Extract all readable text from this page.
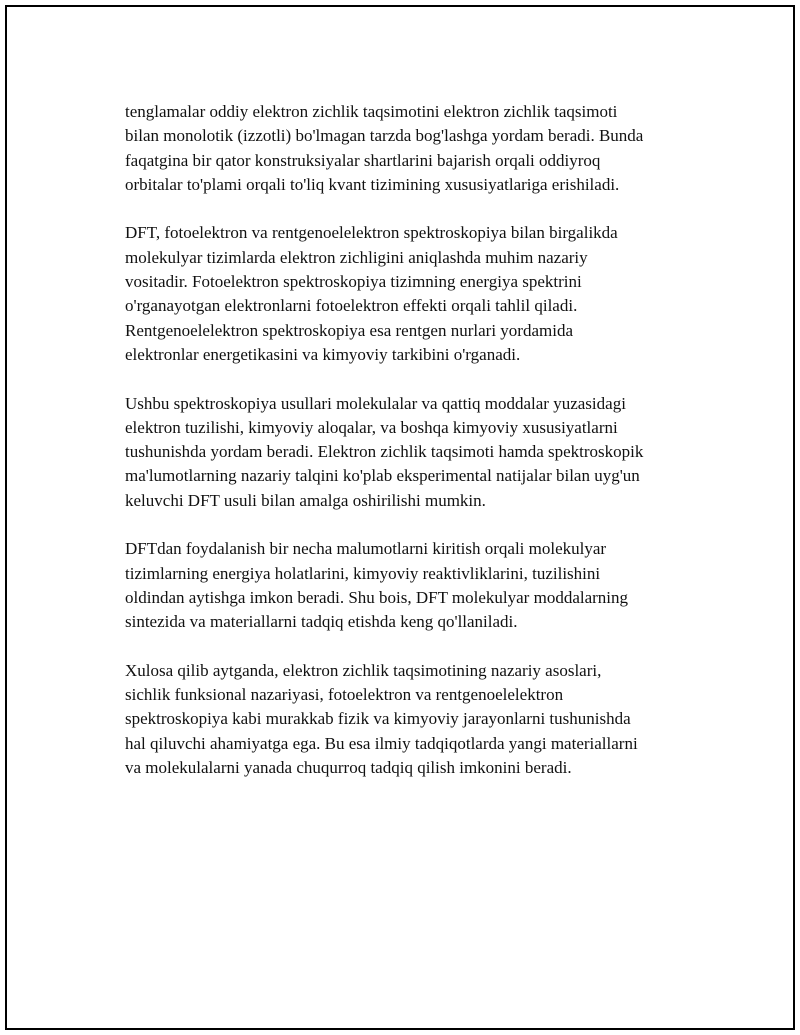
tenglamalar oddiy elektron zichlik taqsimotini elektron zichlik taqsimoti
bilan monolotik (izzotli) bo'lmagan tarzda bog'lashga yordam beradi. Bunda
faqatgina bir qator konstruksiyalar shartlarini bajarish orqali oddiyroq
orbitalar to'plami orqali to'liq kvant tizimining xususiyatlariga erishiladi.

DFT, fotoelektron va rentgenoelelektron spektroskopiya bilan birgalikda
molekulyar tizimlarda elektron zichligini aniqlashda muhim nazariy
vositadir. Fotoelektron spektroskopiya tizimning energiya spektrini
o'rganayotgan elektronlarni fotoelektron effekti orqali tahlil qiladi.
Rentgenoelelektron spektroskopiya esa rentgen nurlari yordamida
elektronlar energetikasini va kimyoviy tarkibini o'rganadi.

Ushbu spektroskopiya usullari molekulalar va qattiq moddalar yuzasidagi
elektron tuzilishi, kimyoviy aloqalar, va boshqa kimyoviy xususiyatlarni
tushunishda yordam beradi. Elektron zichlik taqsimoti hamda spektroskopik
ma'lumotlarning nazariy talqini ko'plab eksperimental natijalar bilan uyg'un
keluvchi DFT usuli bilan amalga oshirilishi mumkin.

DFTdan foydalanish bir necha malumotlarni kiritish orqali molekulyar
tizimlarning energiya holatlarini, kimyoviy reaktivliklarini, tuzilishini
oldindan aytishga imkon beradi. Shu bois, DFT molekulyar moddalarning
sintezida va materiallarni tadqiq etishda keng qo'llaniladi.

Xulosa qilib aytganda, elektron zichlik taqsimotining nazariy asoslari,
sichlik funksional nazariyasi, fotoelektron va rentgenoelelektron
spektroskopiya kabi murakkab fizik va kimyoviy jarayonlarni tushunishda
hal qiluvchi ahamiyatga ega. Bu esa ilmiy tadqiqotlarda yangi materiallarni
va molekulalarni yanada chuqurroq tadqiq qilish imkonini beradi.
